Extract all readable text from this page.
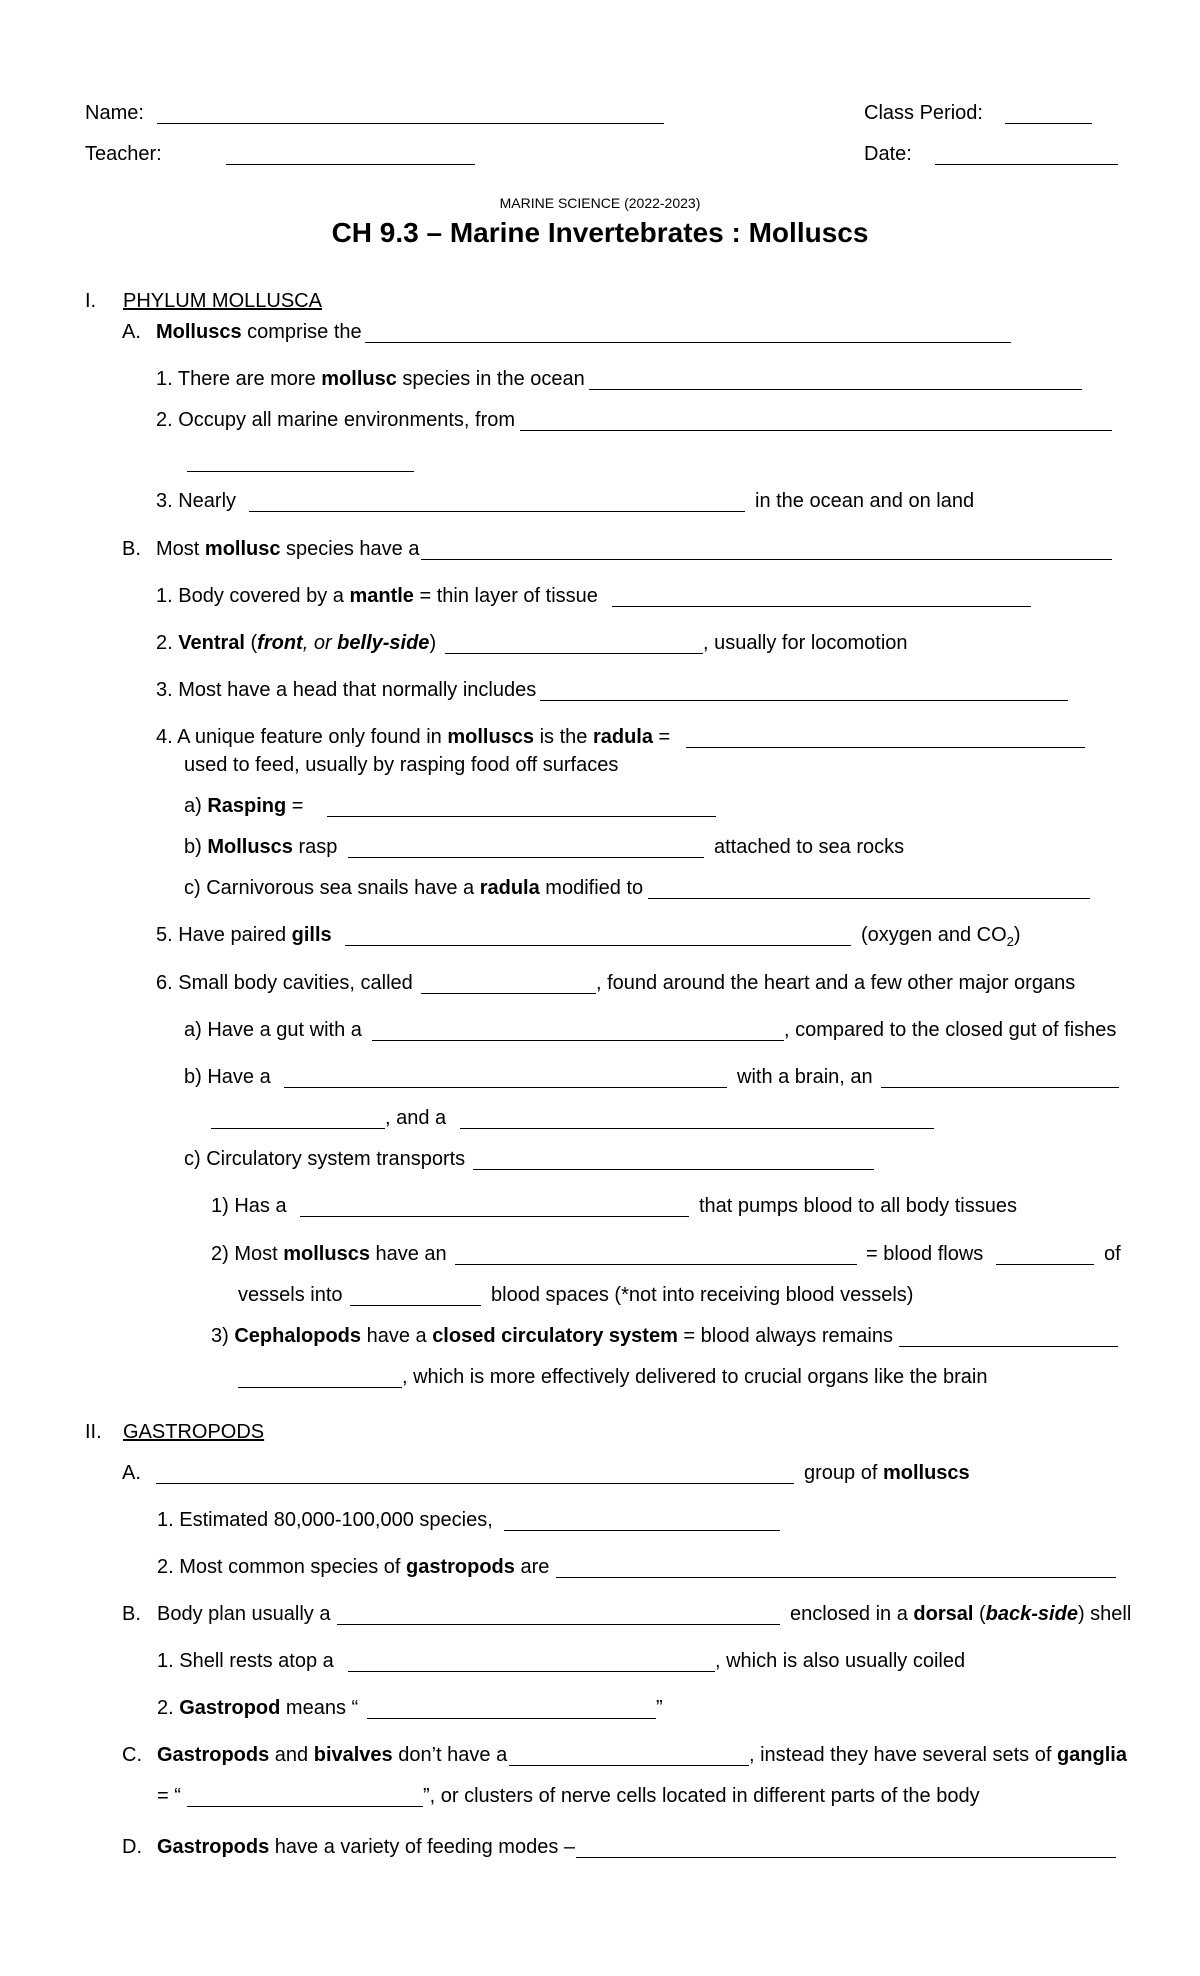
Name:	Class Period:
Teacher:	Date:
MARINE SCIENCE (2022-2023)
CH 9.3 – Marine Invertebrates : Molluscs
I. PHYLUM MOLLUSCA
A. Molluscs comprise the
1. There are more mollusc species in the ocean
2. Occupy all marine environments, from
3. Nearly	in the ocean and on land
B. Most mollusc species have a
1. Body covered by a mantle = thin layer of tissue
2. Ventral (front, or belly-side)	, usually for locomotion
3. Most have a head that normally includes
4. A unique feature only found in molluscs is the radula =
used to feed, usually by rasping food off surfaces
a) Rasping =
b) Molluscs rasp	attached to sea rocks
c) Carnivorous sea snails have a radula modified to
5. Have paired gills	(oxygen and $CO_2$)
6. Small body cavities, called	, found around the heart and a few other major organs
a) Have a gut with a	, compared to the closed gut of fishes
b) Have a	with a brain, an
, and a
c) Circulatory system transports
1) Has a	that pumps blood to all body tissues
2) Most molluscs have an	= blood flows	of
vessels into	blood spaces (*not into receiving blood vessels)
3) Cephalopods have a closed circulatory system = blood always remains
, which is more effectively delivered to crucial organs like the brain
II. GASTROPODS
A.	group of molluscs
1. Estimated 80,000-100,000 species,
2. Most common species of gastropods are
B. Body plan usually a	enclosed in a dorsal (back-side) shell
1. Shell rests atop a	, which is also usually coiled
2. Gastropod means “	”
C. Gastropods and bivalves don’t have a	, instead they have several sets of ganglia
= “	”, or clusters of nerve cells located in different parts of the body
D. Gastropods have a variety of feeding modes –
